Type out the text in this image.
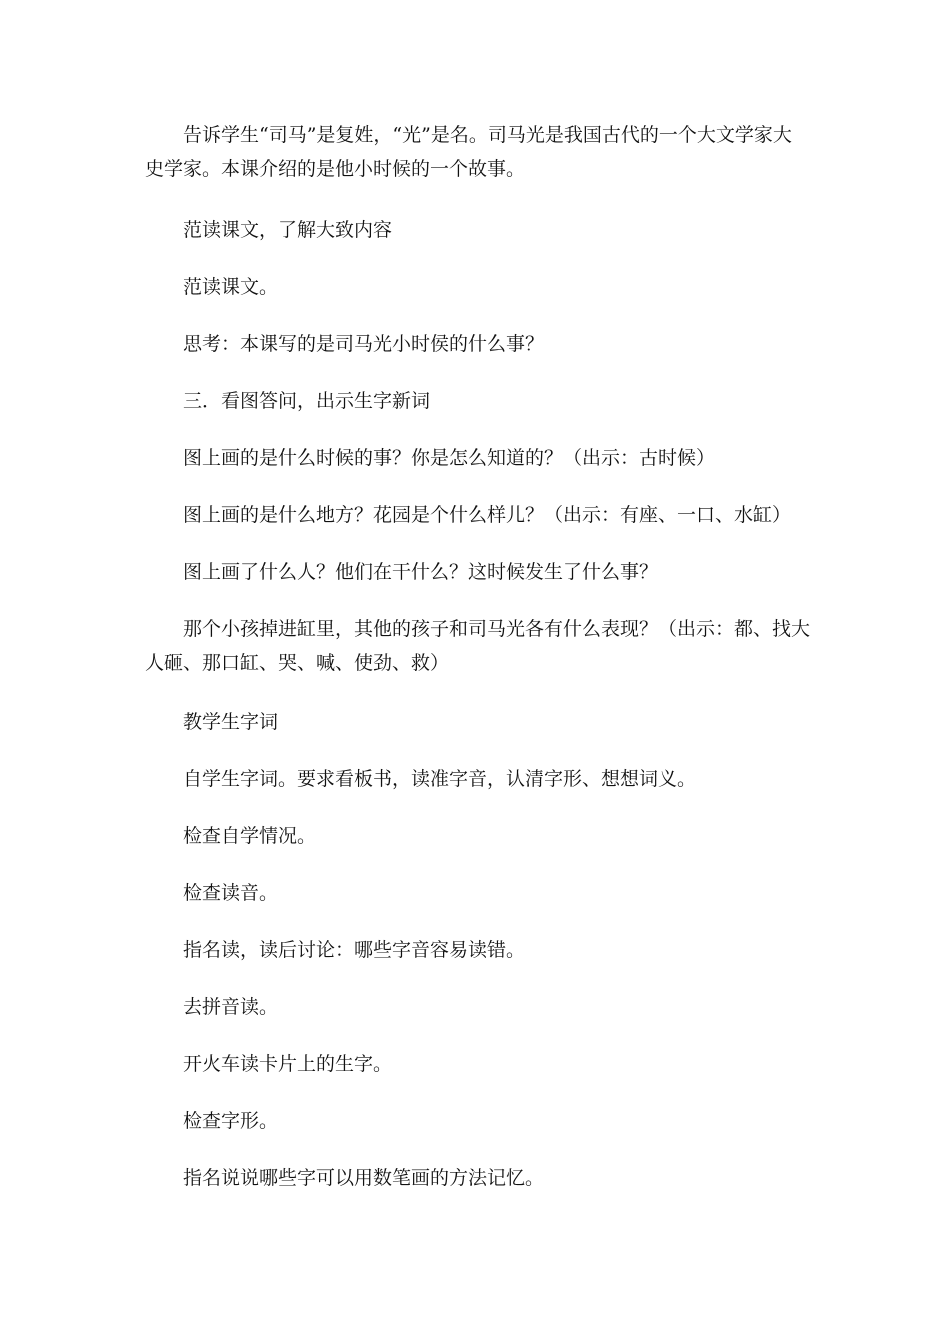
告诉学生“司马”是复姓，“光”是名。司马光是我国古代的一个大文学家大史学家。本课介绍的是他小时候的一个故事。

范读课文，了解大致内容

范读课文。

思考：本课写的是司马光小时侯的什么事？

三．看图答问，出示生字新词

图上画的是什么时候的事？你是怎么知道的？（出示：古时候）

图上画的是什么地方？花园是个什么样儿？（出示：有座、一口、水缸）

图上画了什么人？他们在干什么？这时候发生了什么事？

那个小孩掉进缸里，其他的孩子和司马光各有什么表现？（出示：都、找大人砸、那口缸、哭、喊、使劲、救）

教学生字词

自学生字词。要求看板书，读准字音，认清字形、想想词义。

检查自学情况。

检查读音。

指名读，读后讨论：哪些字音容易读错。

去拼音读。

开火车读卡片上的生字。

检查字形。

指名说说哪些字可以用数笔画的方法记忆。
